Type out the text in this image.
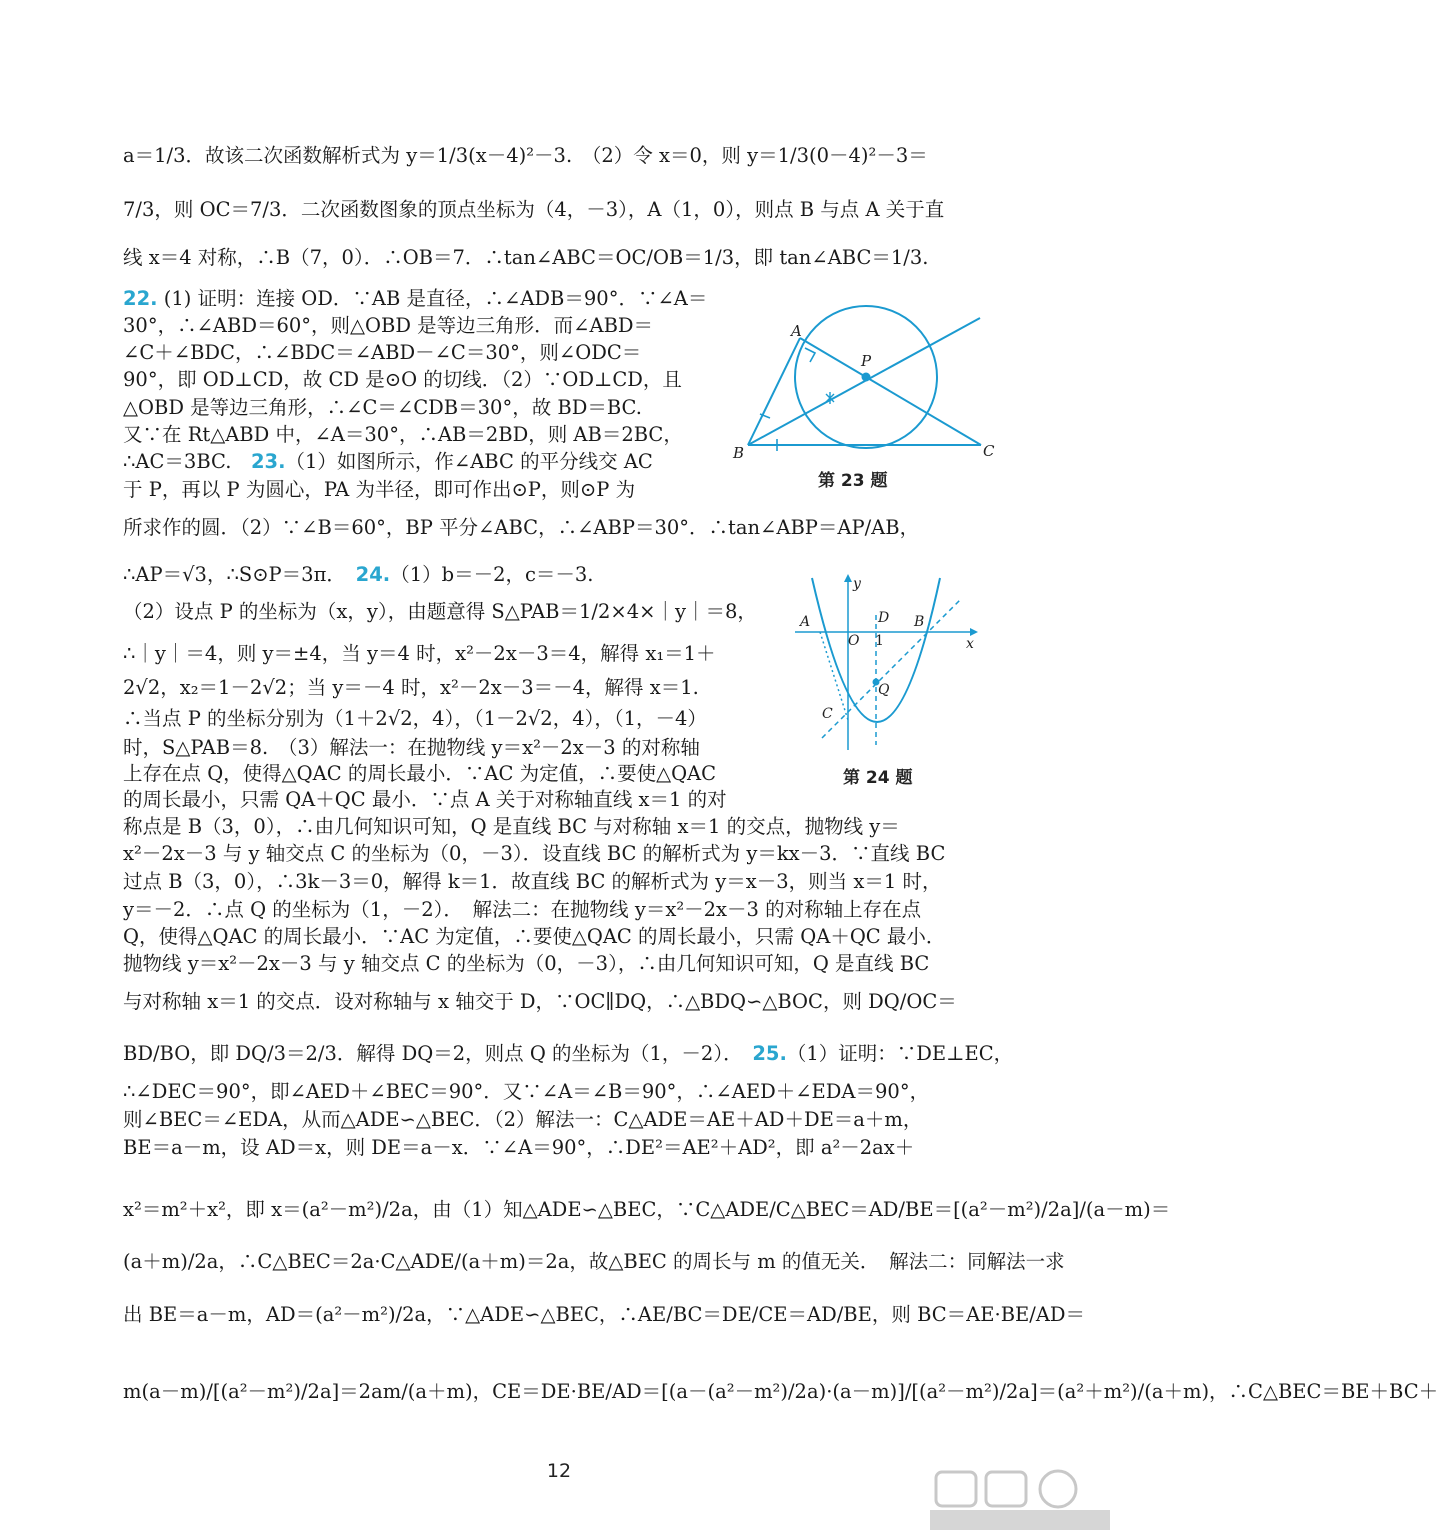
a＝1/3．故该二次函数解析式为 y＝1/3(x－4)²－3.　（2）令 x＝0，则 y＝1/3(0－4)²－3＝
7/3，则 OC＝7/3．二次函数图象的顶点坐标为（4，－3），A（1，0），则点 B 与点 A 关于直
线 x＝4 对称，∴B（7，0）．∴OB＝7．∴tan∠ABC＝OC/OB＝1/3，即 tan∠ABC＝1/3.
22. (1) 证明：连接 OD．∵AB 是直径，∴∠ADB＝90°．∵∠A＝
30°，∴∠ABD＝60°，则△OBD 是等边三角形．而∠ABD＝
∠C＋∠BDC，∴∠BDC＝∠ABD－∠C＝30°，则∠ODC＝
90°，即 OD⊥CD，故 CD 是⊙O 的切线．（2）∵OD⊥CD，且
△OBD 是等边三角形，∴∠C＝∠CDB＝30°，故 BD＝BC.
又∵在 Rt△ABD 中，∠A＝30°，∴AB＝2BD，则 AB＝2BC，
∴AC＝3BC.　23.（1）如图所示，作∠ABC 的平分线交 AC
于 P，再以 P 为圆心，PA 为半径，即可作出⊙P，则⊙P 为
所求作的圆．（2）∵∠B＝60°，BP 平分∠ABC，∴∠ABP＝30°．∴tan∠ABP＝AP/AB，
∴AP＝√3，∴S⊙P＝3π．　24.（1）b＝－2，c＝－3.
（2）设点 P 的坐标为（x，y），由题意得 S△PAB＝1/2×4×｜y｜＝8，
∴｜y｜＝4，则 y＝±4，当 y＝4 时，x²－2x－3＝4，解得 x₁＝1＋
2√2，x₂＝1－2√2；当 y＝－4 时，x²－2x－3＝－4，解得 x＝1.
∴当点 P 的坐标分别为（1＋2√2，4），（1－2√2，4），（1，－4）
时，S△PAB＝8.　（3）解法一：在抛物线 y＝x²－2x－3 的对称轴
上存在点 Q，使得△QAC 的周长最小．∵AC 为定值，∴要使△QAC
的周长最小，只需 QA＋QC 最小．∵点 A 关于对称轴直线 x＝1 的对
称点是 B（3，0），∴由几何知识可知，Q 是直线 BC 与对称轴 x＝1 的交点，抛物线 y＝
x²－2x－3 与 y 轴交点 C 的坐标为（0，－3）．设直线 BC 的解析式为 y＝kx－3．∵直线 BC
过点 B（3，0），∴3k－3＝0，解得 k＝1．故直线 BC 的解析式为 y＝x－3，则当 x＝1 时，
y＝－2．∴点 Q 的坐标为（1，－2）．　解法二：在抛物线 y＝x²－2x－3 的对称轴上存在点
Q，使得△QAC 的周长最小．∵AC 为定值，∴要使△QAC 的周长最小，只需 QA＋QC 最小．
抛物线 y＝x²－2x－3 与 y 轴交点 C 的坐标为（0，－3），∴由几何知识可知，Q 是直线 BC
与对称轴 x＝1 的交点．设对称轴与 x 轴交于 D，∵OC∥DQ，∴△BDQ∽△BOC，则 DQ/OC＝
BD/BO，即 DQ/3＝2/3．解得 DQ＝2，则点 Q 的坐标为（1，－2）．　25.（1）证明：∵DE⊥EC，
∴∠DEC＝90°，即∠AED＋∠BEC＝90°．又∵∠A＝∠B＝90°，∴∠AED＋∠EDA＝90°，
则∠BEC＝∠EDA，从而△ADE∽△BEC．（2）解法一：C△ADE＝AE＋AD＋DE＝a＋m，
BE＝a－m，设 AD＝x，则 DE＝a－x．∵∠A＝90°，∴DE²＝AE²＋AD²，即 a²－2ax＋
x²＝m²＋x²，即 x＝(a²－m²)/2a，由（1）知△ADE∽△BEC，∵C△ADE/C△BEC＝AD/BE＝[(a²－m²)/2a]/(a－m)＝
(a＋m)/2a，∴C△BEC＝2a·C△ADE/(a＋m)＝2a，故△BEC 的周长与 m 的值无关．　解法二：同解法一求
出 BE＝a－m，AD＝(a²－m²)/2a，∵△ADE∽△BEC，∴AE/BC＝DE/CE＝AD/BE，则 BC＝AE·BE/AD＝
m(a－m)/[(a²－m²)/2a]＝2am/(a＋m)，CE＝DE·BE/AD＝[(a－(a²－m²)/2a)·(a－m)]/[(a²－m²)/2a]＝(a²＋m²)/(a＋m)，∴C△BEC＝BE＋BC＋
A
B	C
P
第 23 题
y
x
A
O
D
1
B
Q
C
第 24 题
12
